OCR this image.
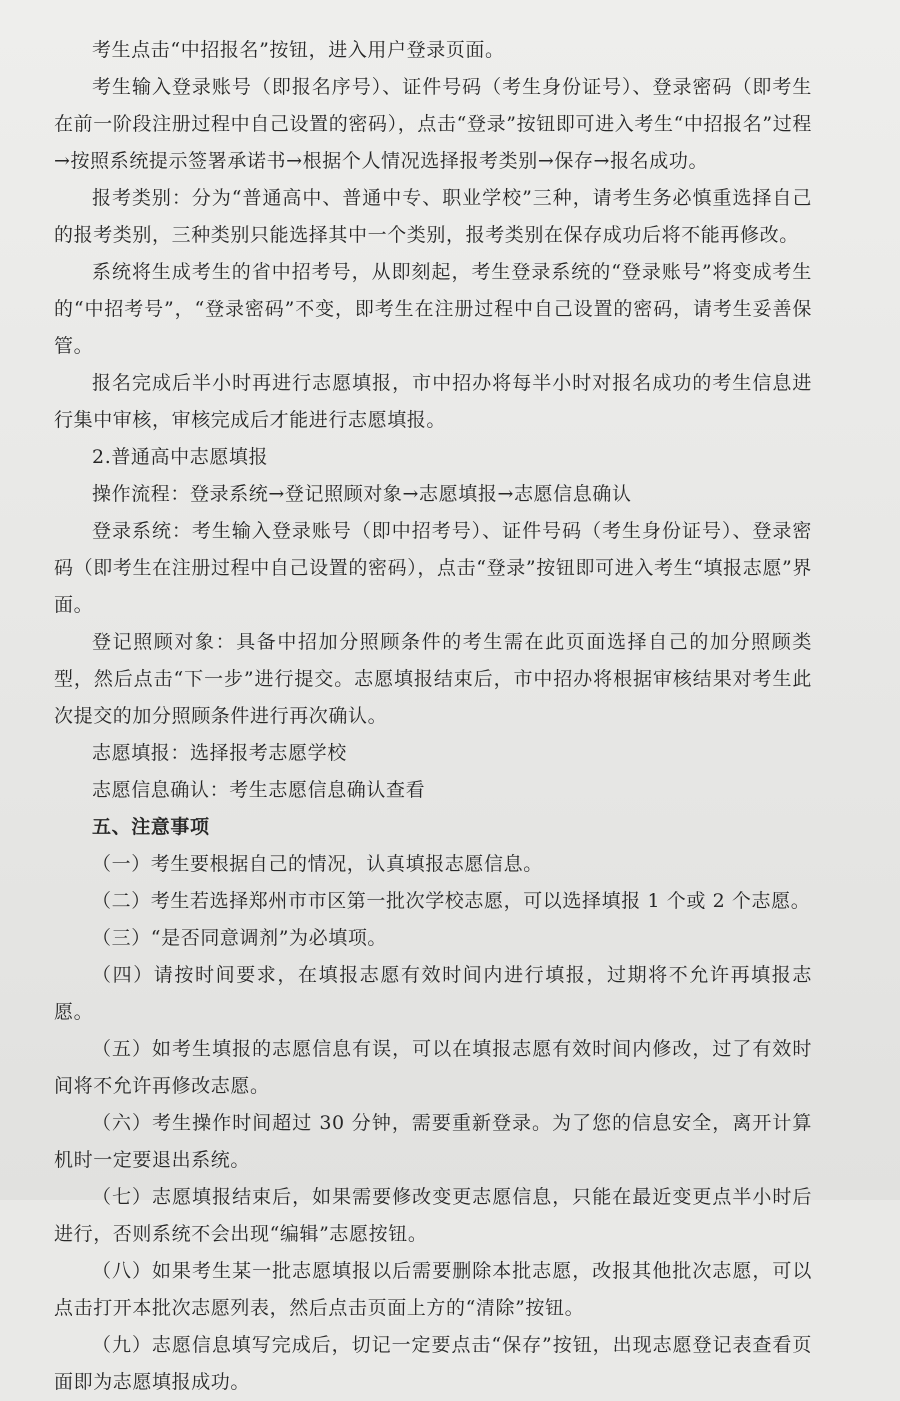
考生点击“中招报名”按钮，进入用户登录页面。

考生输入登录账号（即报名序号）、证件号码（考生身份证号）、登录密码（即考生在前一阶段注册过程中自己设置的密码），点击“登录”按钮即可进入考生“中招报名”过程→按照系统提示签署承诺书→根据个人情况选择报考类别→保存→报名成功。

报考类别：分为“普通高中、普通中专、职业学校”三种，请考生务必慎重选择自己的报考类别，三种类别只能选择其中一个类别，报考类别在保存成功后将不能再修改。

系统将生成考生的省中招考号，从即刻起，考生登录系统的“登录账号”将变成考生的“中招考号”，“登录密码”不变，即考生在注册过程中自己设置的密码，请考生妥善保管。

报名完成后半小时再进行志愿填报，市中招办将每半小时对报名成功的考生信息进行集中审核，审核完成后才能进行志愿填报。

2.普通高中志愿填报

操作流程：登录系统→登记照顾对象→志愿填报→志愿信息确认

登录系统：考生输入登录账号（即中招考号）、证件号码（考生身份证号）、登录密码（即考生在注册过程中自己设置的密码），点击“登录”按钮即可进入考生“填报志愿”界面。

登记照顾对象：具备中招加分照顾条件的考生需在此页面选择自己的加分照顾类型，然后点击“下一步”进行提交。志愿填报结束后，市中招办将根据审核结果对考生此次提交的加分照顾条件进行再次确认。

志愿填报：选择报考志愿学校

志愿信息确认：考生志愿信息确认查看

五、注意事项

（一）考生要根据自己的情况，认真填报志愿信息。

（二）考生若选择郑州市市区第一批次学校志愿，可以选择填报 1 个或 2 个志愿。

（三）“是否同意调剂”为必填项。

（四）请按时间要求，在填报志愿有效时间内进行填报，过期将不允许再填报志愿。

（五）如考生填报的志愿信息有误，可以在填报志愿有效时间内修改，过了有效时间将不允许再修改志愿。

（六）考生操作时间超过 30 分钟，需要重新登录。为了您的信息安全，离开计算机时一定要退出系统。

（七）志愿填报结束后，如果需要修改变更志愿信息，只能在最近变更点半小时后进行，否则系统不会出现“编辑”志愿按钮。

（八）如果考生某一批志愿填报以后需要删除本批志愿，改报其他批次志愿，可以点击打开本批次志愿列表，然后点击页面上方的“清除”按钮。

（九）志愿信息填写完成后，切记一定要点击“保存”按钮，出现志愿登记表查看页面即为志愿填报成功。
